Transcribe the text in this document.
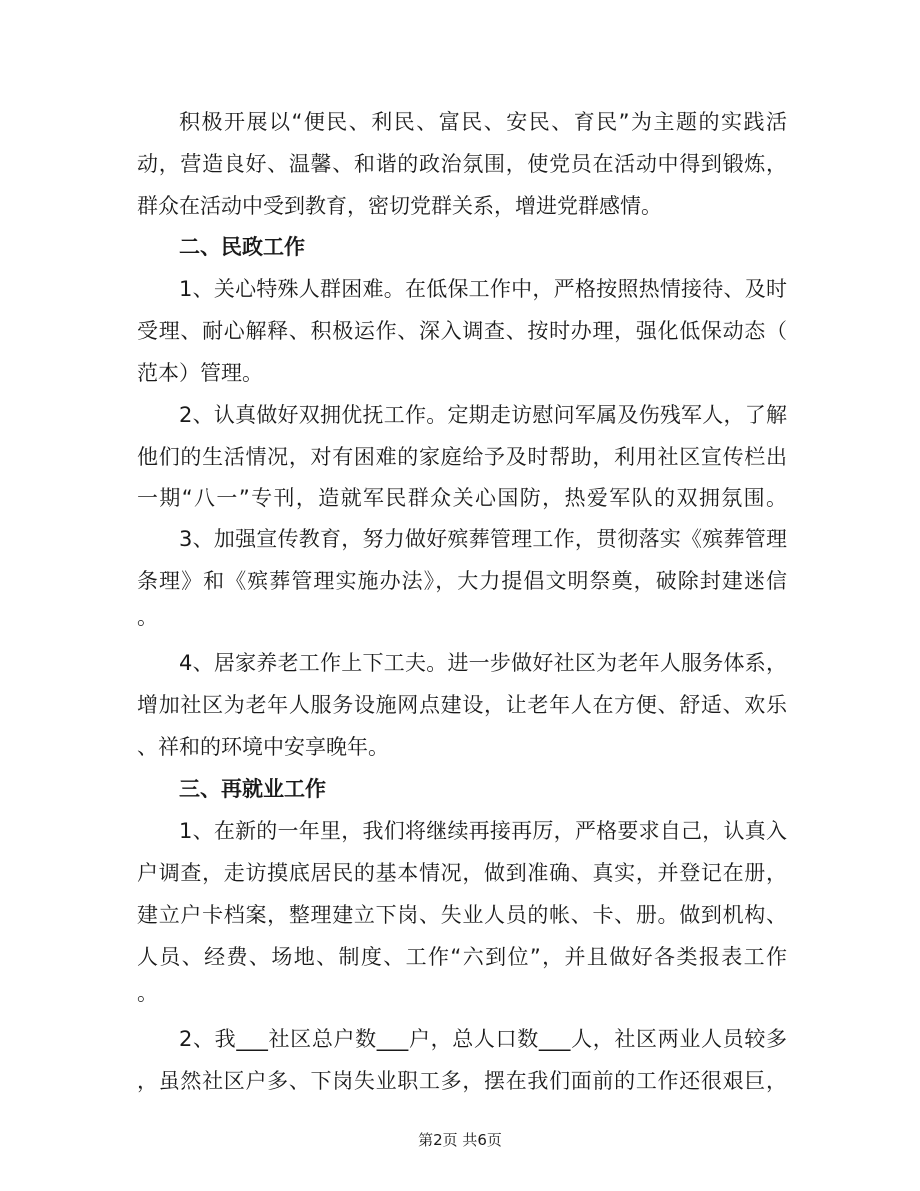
积极开展以“便民、利民、富民、安民、育民”为主题的实践活
动，营造良好、温馨、和谐的政治氛围，使党员在活动中得到锻炼，
群众在活动中受到教育，密切党群关系，增进党群感情。
二、民政工作
1、关心特殊人群困难。在低保工作中，严格按照热情接待、及时
受理、耐心解释、积极运作、深入调查、按时办理，强化低保动态（
范本）管理。
2、认真做好双拥优抚工作。定期走访慰问军属及伤残军人，了解
他们的生活情况，对有困难的家庭给予及时帮助，利用社区宣传栏出
一期“八一”专刊，造就军民群众关心国防，热爱军队的双拥氛围。
3、加强宣传教育，努力做好殡葬管理工作，贯彻落实《殡葬管理
条理》和《殡葬管理实施办法》，大力提倡文明祭奠，破除封建迷信
。
4、居家养老工作上下工夫。进一步做好社区为老年人服务体系，
增加社区为老年人服务设施网点建设，让老年人在方便、舒适、欢乐
、祥和的环境中安享晚年。
三、再就业工作
1、在新的一年里，我们将继续再接再厉，严格要求自己，认真入
户调查，走访摸底居民的基本情况，做到准确、真实，并登记在册，
建立户卡档案，整理建立下岗、失业人员的帐、卡、册。做到机构、
人员、经费、场地、制度、工作“六到位”，并且做好各类报表工作
。
2、我___社区总户数___户，总人口数___人，社区两业人员较多
，虽然社区户多、下岗失业职工多，摆在我们面前的工作还很艰巨，
第2页 共6页
